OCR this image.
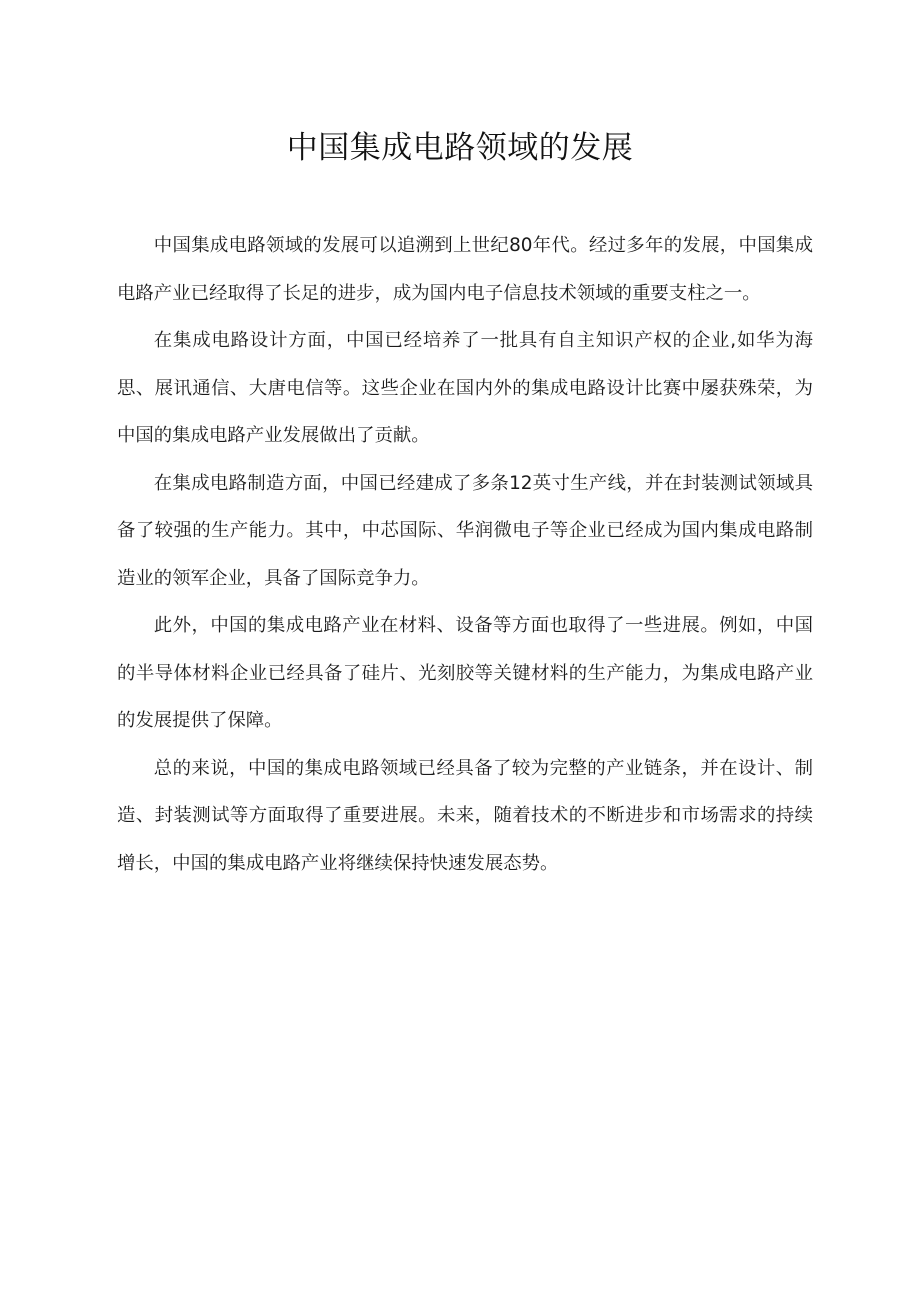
中国集成电路领域的发展

中国集成电路领域的发展可以追溯到上世纪80年代。经过多年的发展，中国集成电路产业已经取得了长足的进步，成为国内电子信息技术领域的重要支柱之一。

在集成电路设计方面，中国已经培养了一批具有自主知识产权的企业,如华为海思、展讯通信、大唐电信等。这些企业在国内外的集成电路设计比赛中屡获殊荣，为中国的集成电路产业发展做出了贡献。

在集成电路制造方面，中国已经建成了多条12英寸生产线，并在封装测试领域具备了较强的生产能力。其中，中芯国际、华润微电子等企业已经成为国内集成电路制造业的领军企业，具备了国际竞争力。

此外，中国的集成电路产业在材料、设备等方面也取得了一些进展。例如，中国的半导体材料企业已经具备了硅片、光刻胶等关键材料的生产能力，为集成电路产业的发展提供了保障。

总的来说，中国的集成电路领域已经具备了较为完整的产业链条，并在设计、制造、封装测试等方面取得了重要进展。未来，随着技术的不断进步和市场需求的持续增长，中国的集成电路产业将继续保持快速发展态势。
